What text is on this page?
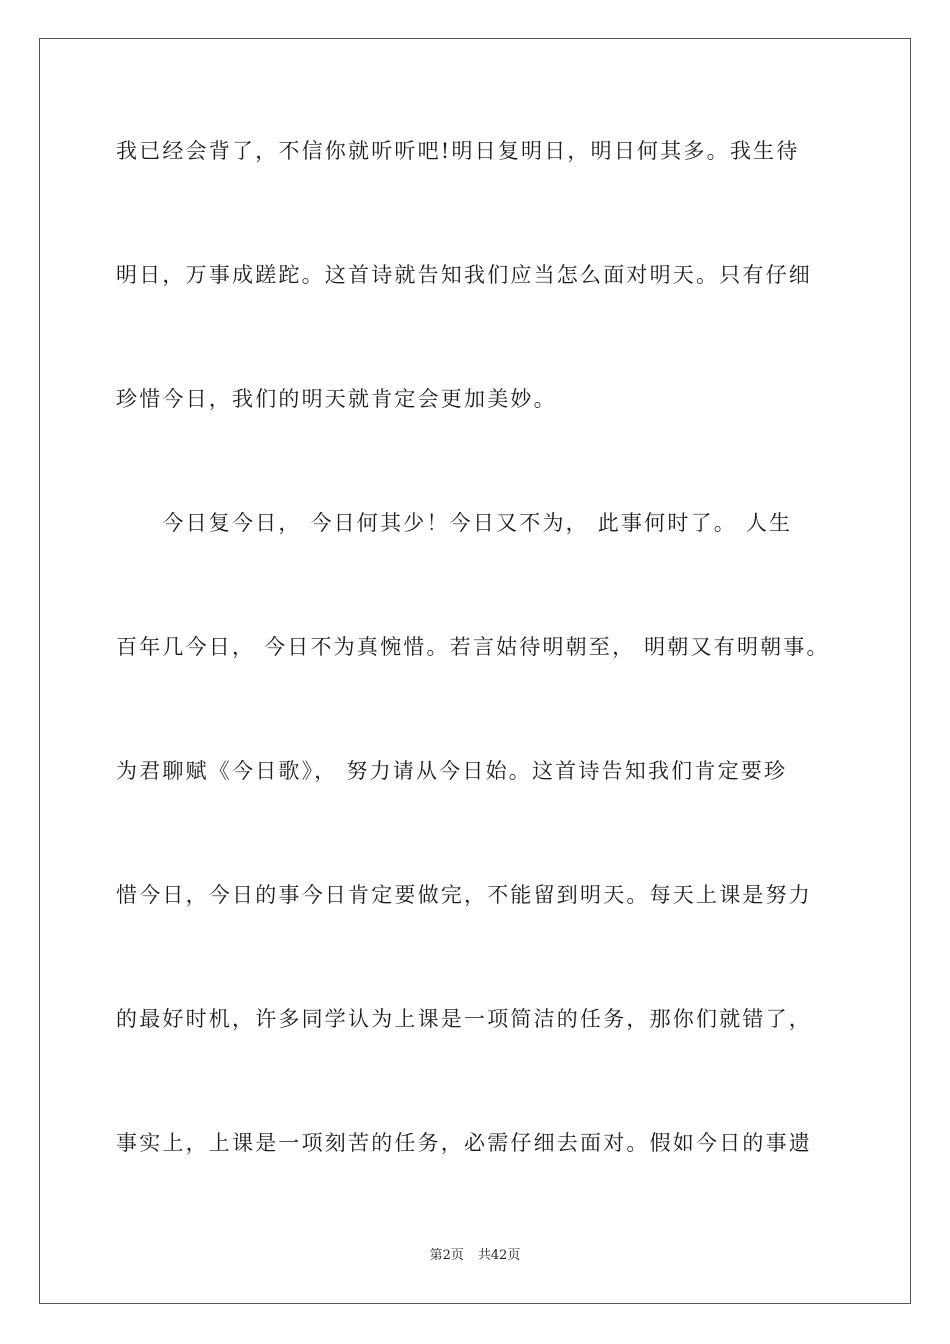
我已经会背了，不信你就听听吧!明日复明日，明日何其多。我生待
明日，万事成蹉跎。这首诗就告知我们应当怎么面对明天。只有仔细
珍惜今日，我们的明天就肯定会更加美妙。
　　今日复今日， 今日何其少！今日又不为， 此事何时了。 人生
百年几今日， 今日不为真惋惜。若言姑待明朝至， 明朝又有明朝事。
为君聊赋《今日歌》， 努力请从今日始。这首诗告知我们肯定要珍
惜今日，今日的事今日肯定要做完，不能留到明天。每天上课是努力
的最好时机，许多同学认为上课是一项简洁的任务，那你们就错了，
事实上，上课是一项刻苦的任务，必需仔细去面对。假如今日的事遗
第2页 共42页
